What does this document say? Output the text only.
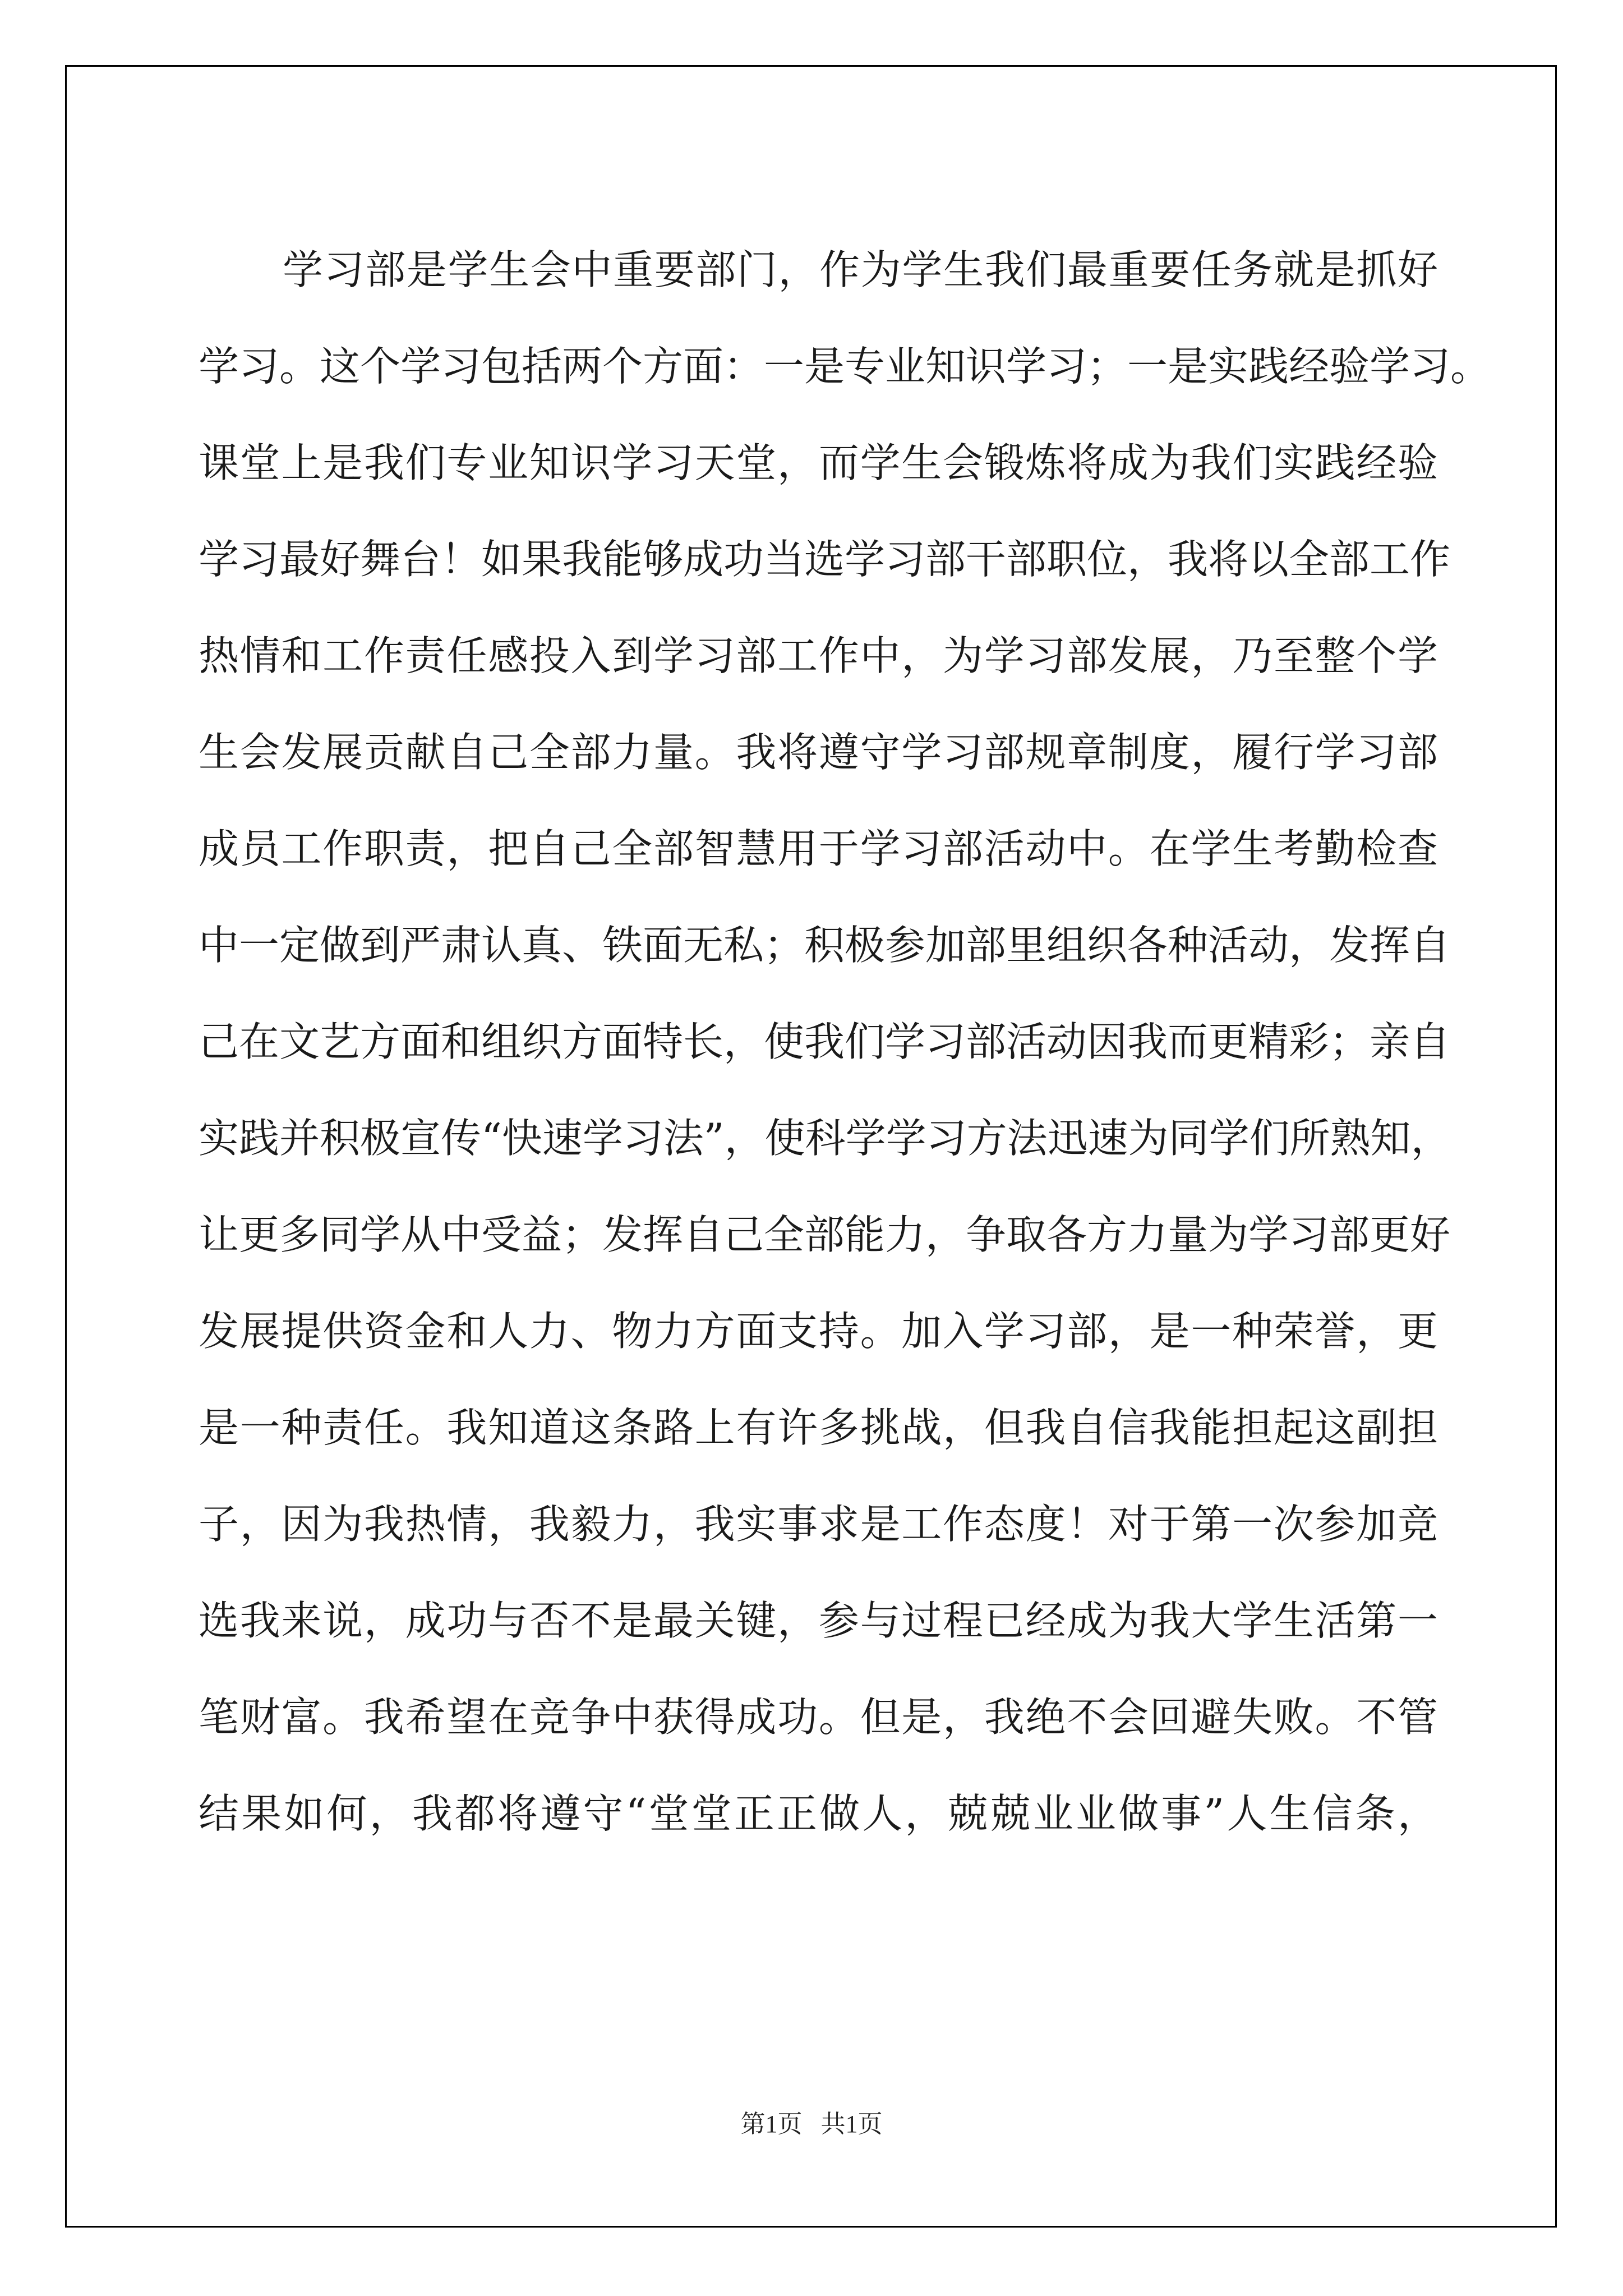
学习部是学生会中重要部门，作为学生我们最重要任务就是抓好
学习。这个学习包括两个方面：一是专业知识学习；一是实践经验学习。
课堂上是我们专业知识学习天堂，而学生会锻炼将成为我们实践经验
学习最好舞台！如果我能够成功当选学习部干部职位，我将以全部工作
热情和工作责任感投入到学习部工作中，为学习部发展，乃至整个学
生会发展贡献自己全部力量。我将遵守学习部规章制度，履行学习部
成员工作职责，把自己全部智慧用于学习部活动中。在学生考勤检查
中一定做到严肃认真、铁面无私；积极参加部里组织各种活动，发挥自
己在文艺方面和组织方面特长，使我们学习部活动因我而更精彩；亲自
实践并积极宣传“快速学习法”，使科学学习方法迅速为同学们所熟知，
让更多同学从中受益；发挥自己全部能力，争取各方力量为学习部更好
发展提供资金和人力、物力方面支持。加入学习部，是一种荣誉，更
是一种责任。我知道这条路上有许多挑战，但我自信我能担起这副担
子，因为我热情，我毅力，我实事求是工作态度！对于第一次参加竞
选我来说，成功与否不是最关键，参与过程已经成为我大学生活第一
笔财富。我希望在竞争中获得成功。但是，我绝不会回避失败。不管
结果如何，我都将遵守“堂堂正正做人，兢兢业业做事”人生信条，
第1页 共1页
